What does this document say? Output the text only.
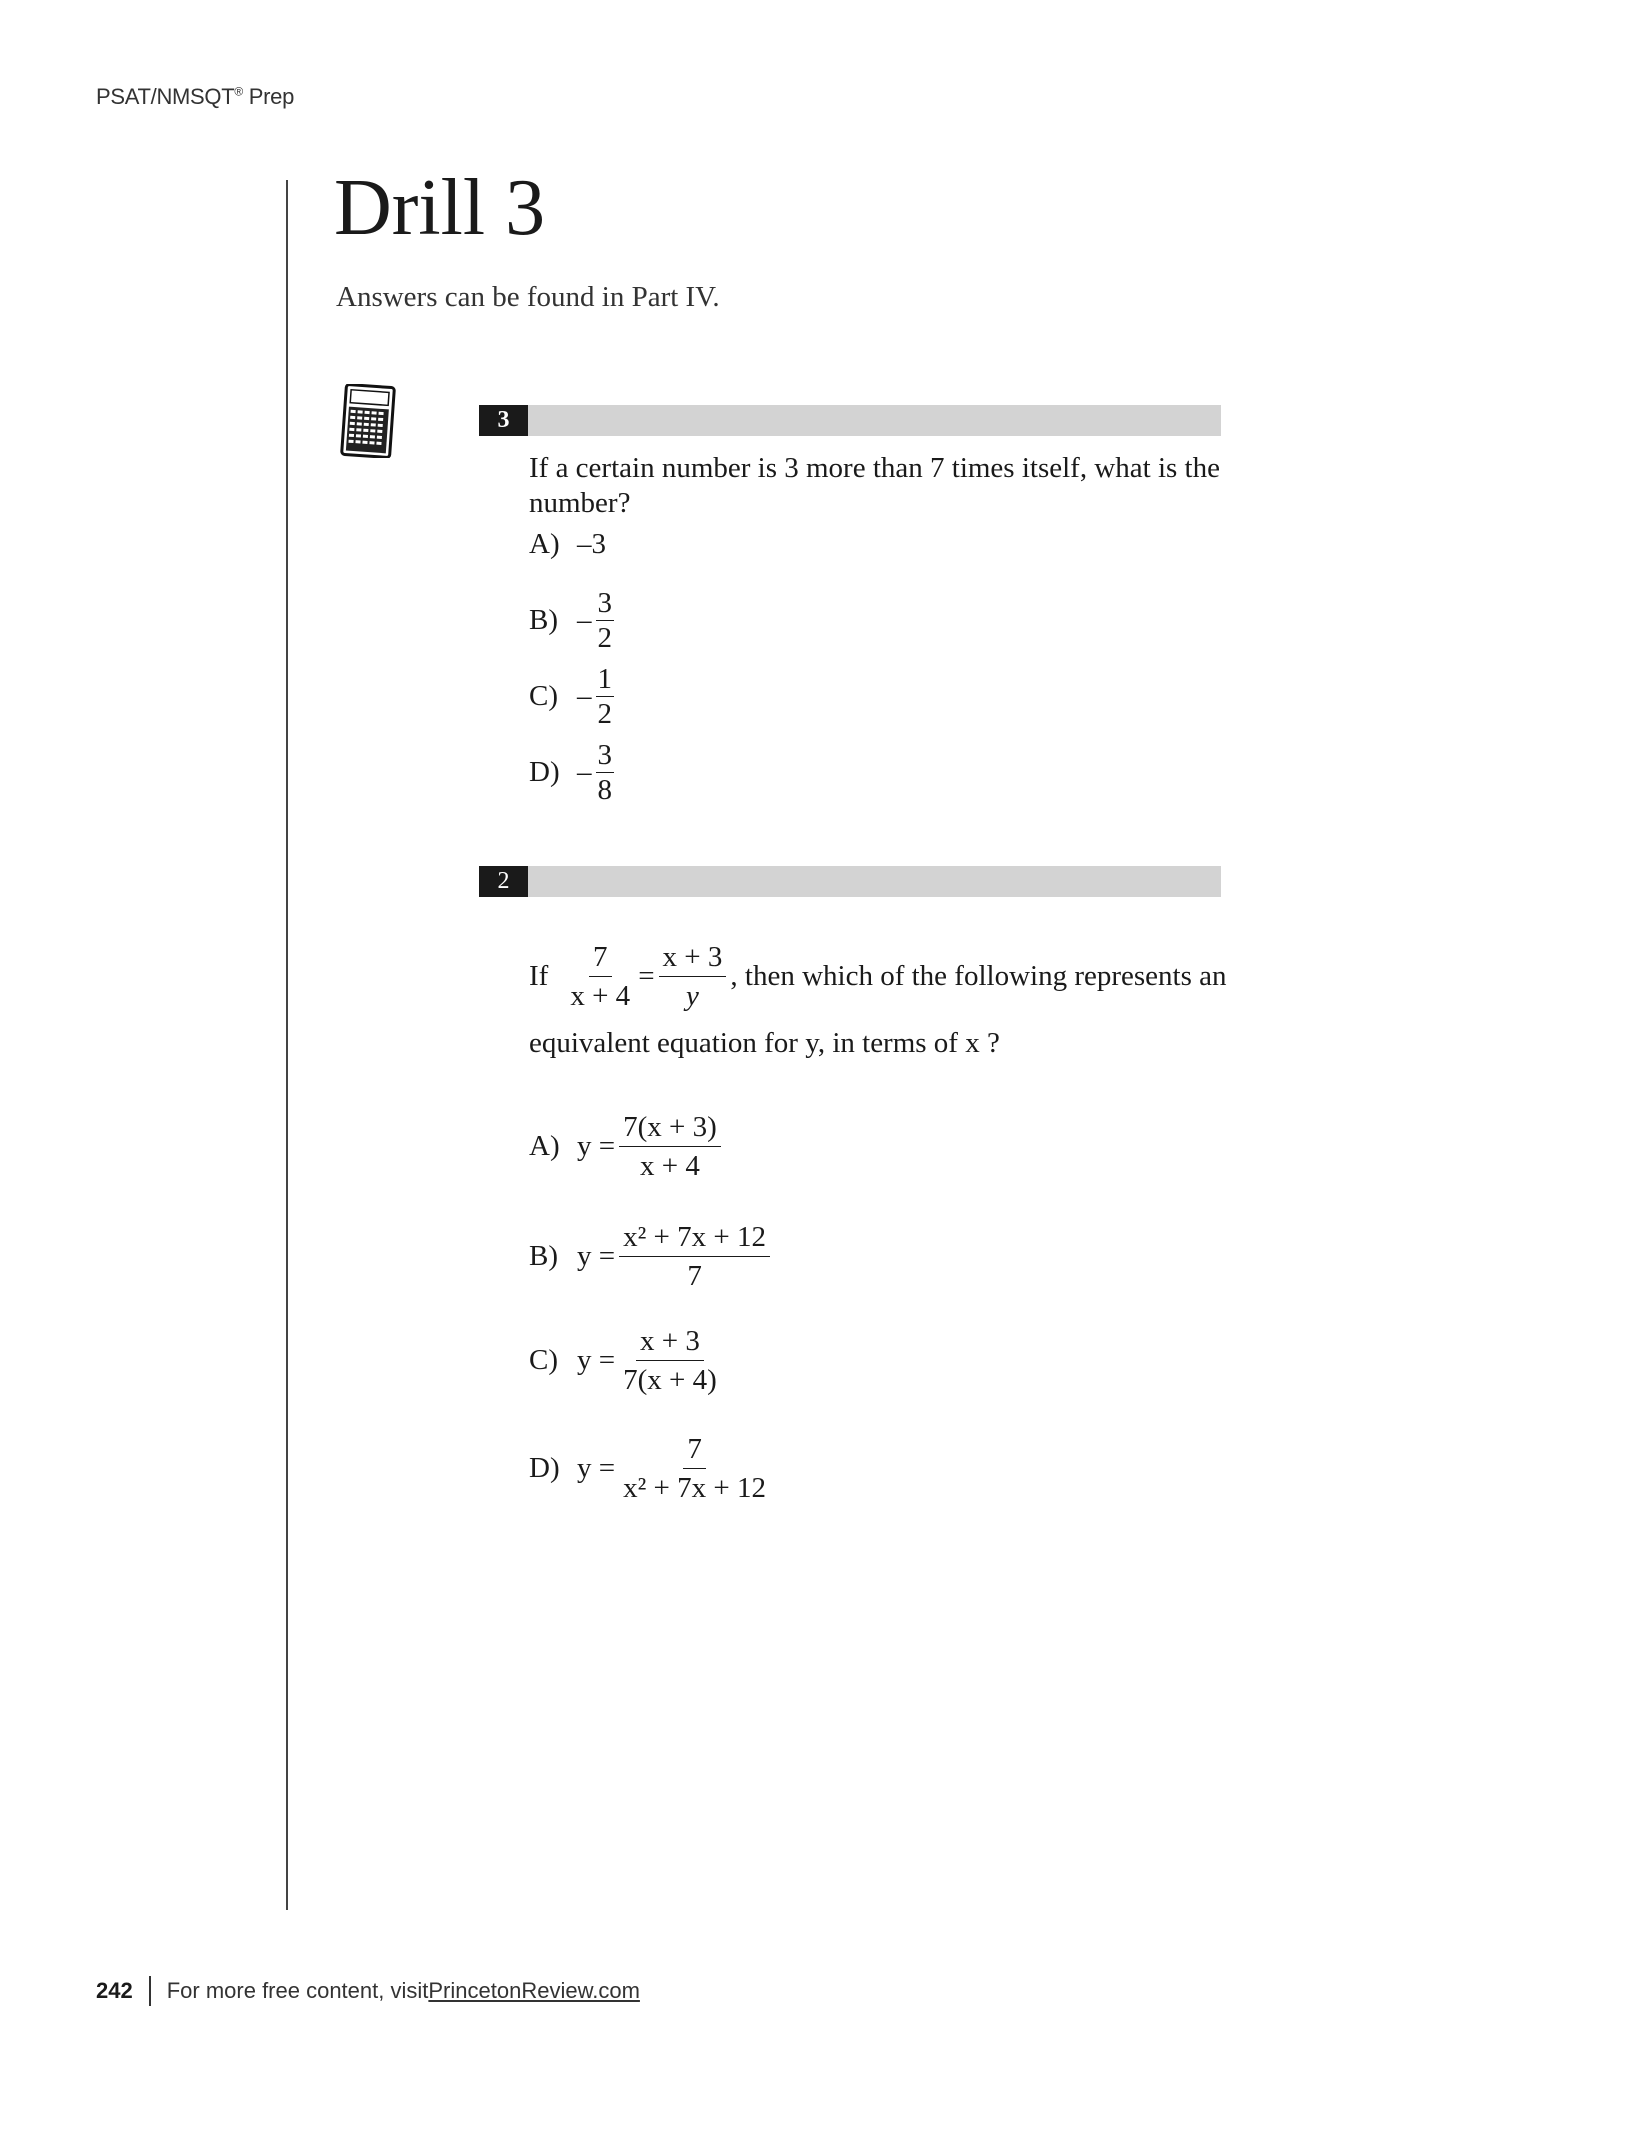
PSAT/NMSQT® Prep
Drill 3
Answers can be found in Part IV.
3
If a certain number is 3 more than 7 times itself, what is the number?
A) –3
$B) - \frac{3}{2}$
$C) - \frac{1}{2}$
$D) - \frac{3}{8}$
2
If $\frac{7}{x + 4} = \frac{x + 3}{y}$ , then which of the following represents an
equivalent equation for y, in terms of x ?
A) $y = \frac{7(x + 3)}{x + 4}$
B) $y = \frac{\text{x² + 7x + 12}}{7}$
C) $y = \frac{x + 3}{7(x + 4)}$
D) $y = \frac{7}{\text{x² + 7x + 12}}$
242 For more free content, visit PrincetonReview.com
